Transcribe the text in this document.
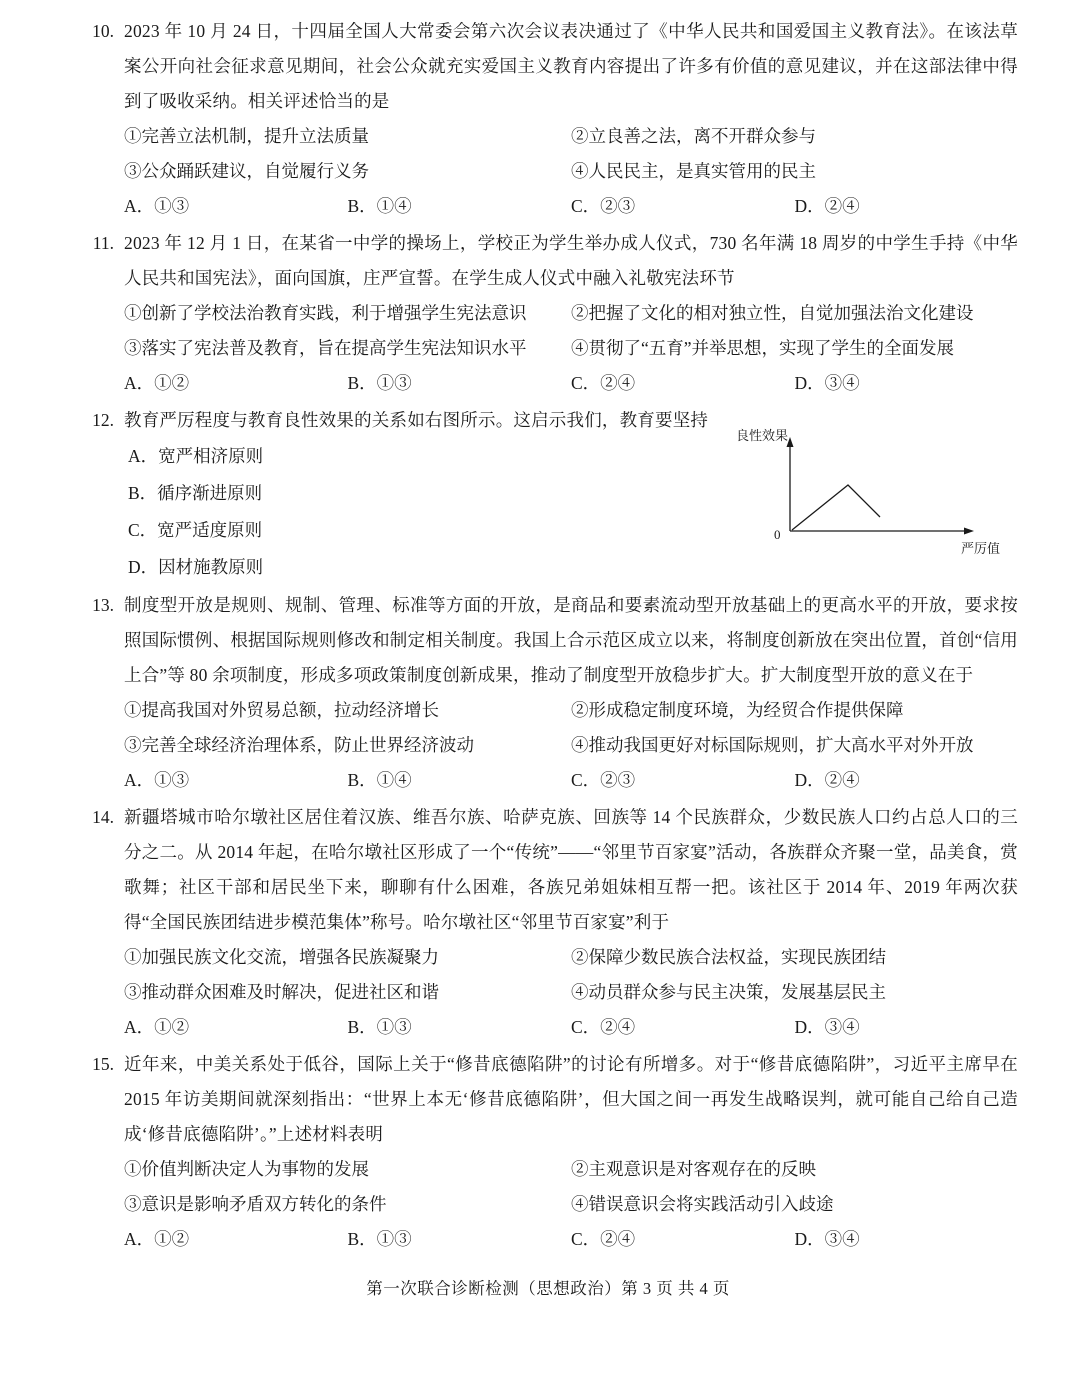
10. 2023 年 10 月 24 日，十四届全国人大常委会第六次会议表决通过了《中华人民共和国爱国主义教育法》。在该法草案公开向社会征求意见期间，社会公众就充实爱国主义教育内容提出了许多有价值的意见建议，并在这部法律中得到了吸收采纳。相关评述恰当的是
①完善立法机制，提升立法质量	②立良善之法，离不开群众参与
③公众踊跃建议，自觉履行义务	④人民民主，是真实管用的民主
A．①③	B．①④	C．②③	D．②④
11. 2023 年 12 月 1 日，在某省一中学的操场上，学校正为学生举办成人仪式，730 名年满 18 周岁的中学生手持《中华人民共和国宪法》，面向国旗，庄严宣誓。在学生成人仪式中融入礼敬宪法环节
①创新了学校法治教育实践，利于增强学生宪法意识	②把握了文化的相对独立性，自觉加强法治文化建设
③落实了宪法普及教育，旨在提高学生宪法知识水平	④贯彻了“五育”并举思想，实现了学生的全面发展
A．①②	B．①③	C．②④	D．③④
12. 教育严厉程度与教育良性效果的关系如右图所示。这启示我们，教育要坚持
A．宽严相济原则
B．循序渐进原则
C．宽严适度原则
D．因材施教原则
良性效果
严厉值
0
13. 制度型开放是规则、规制、管理、标准等方面的开放，是商品和要素流动型开放基础上的更高水平的开放，要求按照国际惯例、根据国际规则修改和制定相关制度。我国上合示范区成立以来，将制度创新放在突出位置，首创“信用上合”等 80 余项制度，形成多项政策制度创新成果，推动了制度型开放稳步扩大。扩大制度型开放的意义在于
①提高我国对外贸易总额，拉动经济增长	②形成稳定制度环境，为经贸合作提供保障
③完善全球经济治理体系，防止世界经济波动	④推动我国更好对标国际规则，扩大高水平对外开放
A．①③	B．①④	C．②③	D．②④
14. 新疆塔城市哈尔墩社区居住着汉族、维吾尔族、哈萨克族、回族等 14 个民族群众，少数民族人口约占总人口的三分之二。从 2014 年起，在哈尔墩社区形成了一个“传统”——“邻里节百家宴”活动，各族群众齐聚一堂，品美食，赏歌舞；社区干部和居民坐下来，聊聊有什么困难，各族兄弟姐妹相互帮一把。该社区于 2014 年、2019 年两次获得“全国民族团结进步模范集体”称号。哈尔墩社区“邻里节百家宴”利于
①加强民族文化交流，增强各民族凝聚力	②保障少数民族合法权益，实现民族团结
③推动群众困难及时解决，促进社区和谐	④动员群众参与民主决策，发展基层民主
A．①②	B．①③	C．②④	D．③④
15. 近年来，中美关系处于低谷，国际上关于“修昔底德陷阱”的讨论有所增多。对于“修昔底德陷阱”，习近平主席早在 2015 年访美期间就深刻指出：“世界上本无‘修昔底德陷阱’，但大国之间一再发生战略误判，就可能自己给自己造成‘修昔底德陷阱’。”上述材料表明
①价值判断决定人为事物的发展	②主观意识是对客观存在的反映
③意识是影响矛盾双方转化的条件	④错误意识会将实践活动引入歧途
A．①②	B．①③	C．②④	D．③④
第一次联合诊断检测（思想政治）第 3 页 共 4 页
